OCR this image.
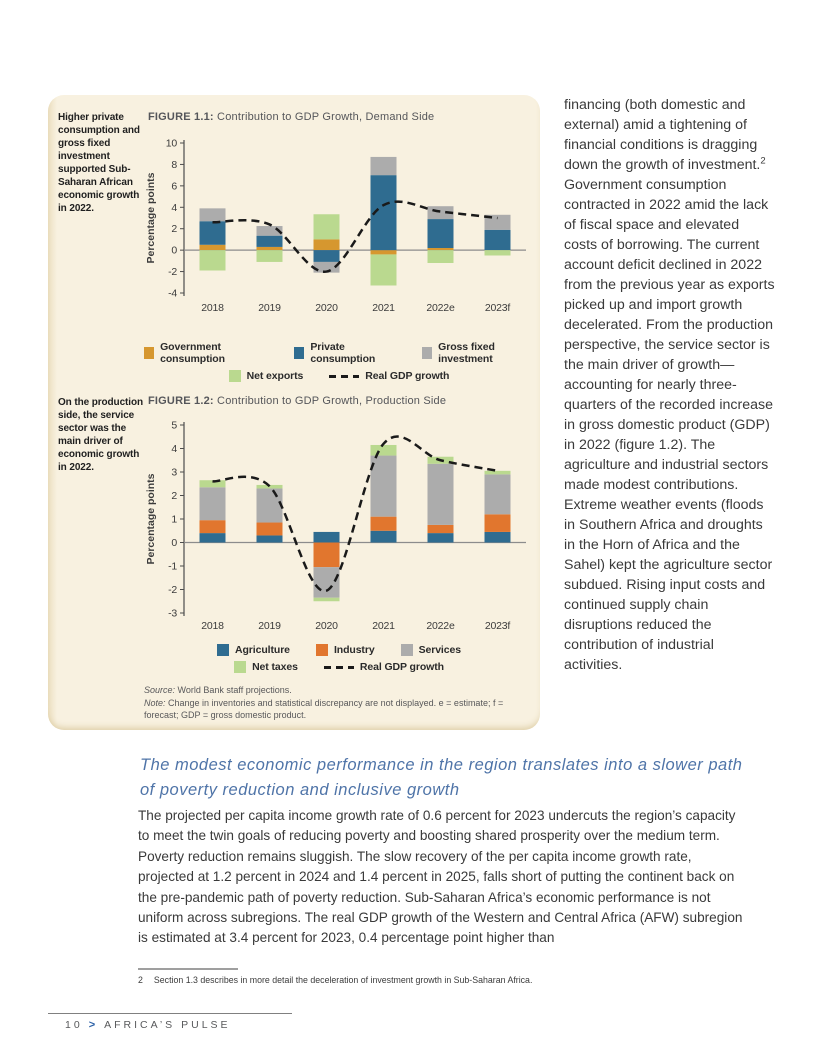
Higher private consumption and gross fixed investment supported Sub-Saharan African economic growth in 2022.
FIGURE 1.1: Contribution to GDP Growth, Demand Side
-4
-2
0
2
4
6
8
10
Percentage points
2018	2019	2020	2021	2022e	2023f
Government consumption
Private consumption
Gross fixed investment
Net exports	Real GDP growth
On the production side, the service sector was the main driver of economic growth in 2022.
FIGURE 1.2: Contribution to GDP Growth, Production Side
-3
-2
-1
0
1
2
3
4
5
Percentage points
2018	2019	2020	2021	2022e	2023f
Agriculture	Industry	Services
Net taxes	Real GDP growth
Source: World Bank staff projections.
Note: Change in inventories and statistical discrepancy are not displayed. e = estimate; f = forecast; GDP = gross domestic product.
financing (both domestic and external) amid a tightening of financial conditions is dragging down the growth of investment.$^2$ Government consumption contracted in 2022 amid the lack of fiscal space and elevated costs of borrowing. The current account deficit declined in 2022 from the previous year as exports picked up and import growth decelerated. From the production perspective, the service sector is the main driver of growth—accounting for nearly three-quarters of the recorded increase in gross domestic product (GDP) in 2022 (figure 1.2). The agriculture and industrial sectors made modest contributions. Extreme weather events (floods in Southern Africa and droughts in the Horn of Africa and the Sahel) kept the agriculture sector subdued. Rising input costs and continued supply chain disruptions reduced the contribution of industrial activities.
The modest economic performance in the region translates into a slower path of poverty reduction and inclusive growth
The projected per capita income growth rate of 0.6 percent for 2023 undercuts the region’s capacity to meet the twin goals of reducing poverty and boosting shared prosperity over the medium term. Poverty reduction remains sluggish. The slow recovery of the per capita income growth rate, projected at 1.2 percent in 2024 and 1.4 percent in 2025, falls short of putting the continent back on the pre-pandemic path of poverty reduction. Sub-Saharan Africa’s economic performance is not uniform across subregions. The real GDP growth of the Western and Central Africa (AFW) subregion is estimated at 3.4 percent for 2023, 0.4 percentage point higher than
2 Section 1.3 describes in more detail the deceleration of investment growth in Sub-Saharan Africa.
10 > AFRICA’S PULSE
